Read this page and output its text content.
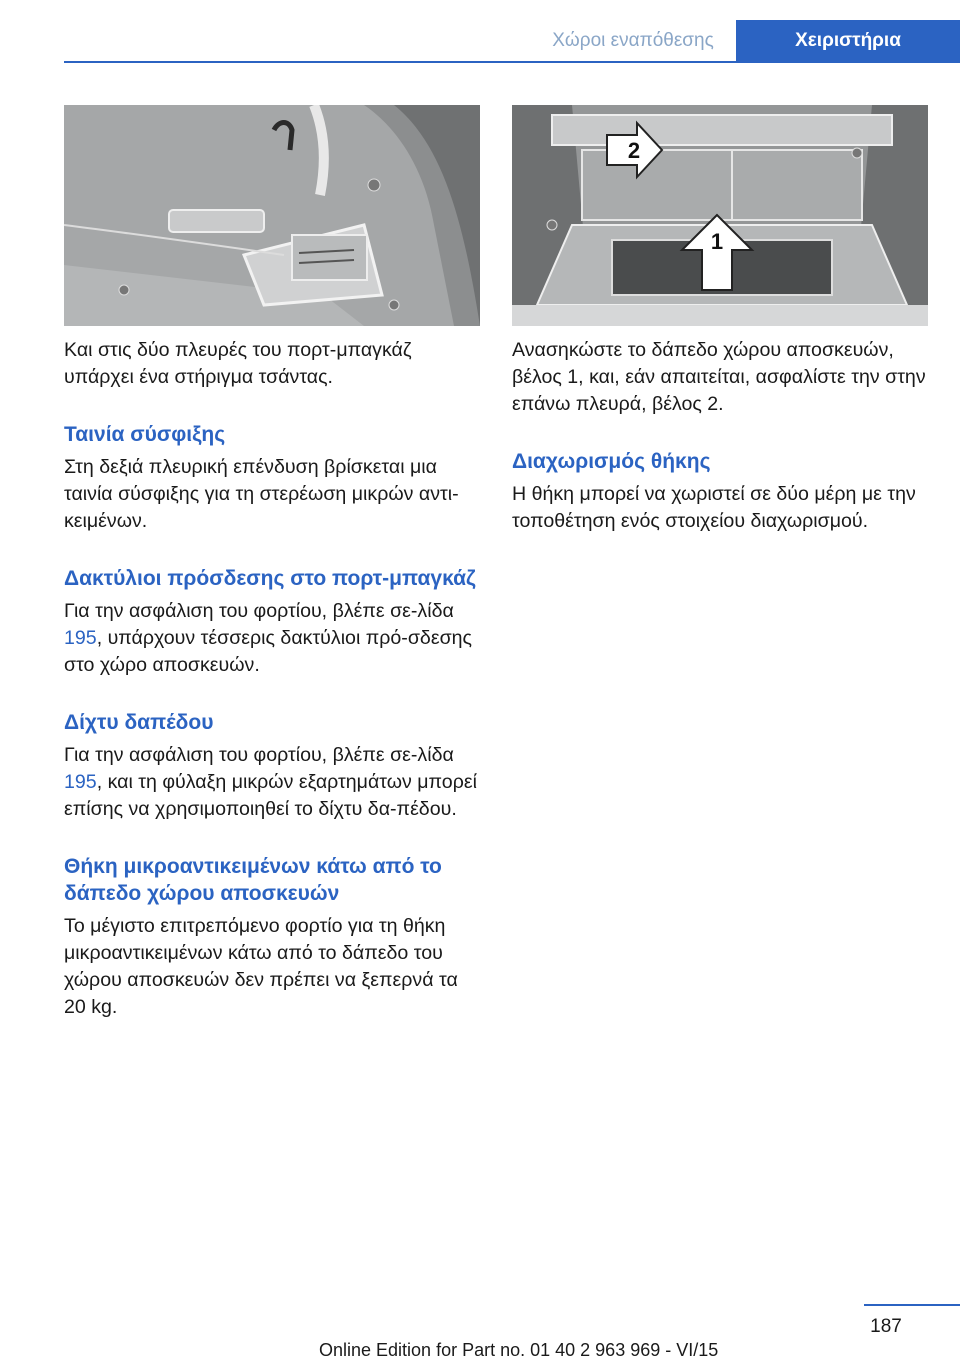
Χώροι εναπόθεσης	Χειριστήρια
1
2

Και στις δύο πλευρές του πορτ-μπαγκάζ υπάρχει ένα στήριγμα τσάντας.

Ταινία σύσφιξης

Στη δεξιά πλευρική επένδυση βρίσκεται μια ταινία σύσφιξης για τη στερέωση μικρών αντι-κειμένων.

Δακτύλιοι πρόσδεσης στο πορτ-μπαγκάζ

Για την ασφάλιση του φορτίου, βλέπε σε-λίδα 195, υπάρχουν τέσσερις δακτύλιοι πρό-σδεσης στο χώρο αποσκευών.

Δίχτυ δαπέδου

Για την ασφάλιση του φορτίου, βλέπε σε-λίδα 195, και τη φύλαξη μικρών εξαρτημάτων μπορεί επίσης να χρησιμοποιηθεί το δίχτυ δα-πέδου.

Θήκη μικροαντικειμένων κάτω από το δάπεδο χώρου αποσκευών

Το μέγιστο επιτρεπόμενο φορτίο για τη θήκη μικροαντικειμένων κάτω από το δάπεδο του χώρου αποσκευών δεν πρέπει να ξεπερνά τα 20 kg.

Ανασηκώστε το δάπεδο χώρου αποσκευών, βέλος 1, και, εάν απαιτείται, ασφαλίστε την στην επάνω πλευρά, βέλος 2.

Διαχωρισμός θήκης

Η θήκη μπορεί να χωριστεί σε δύο μέρη με την τοποθέτηση ενός στοιχείου διαχωρισμού.

187
Online Edition for Part no. 01 40 2 963 969 - VI/15
